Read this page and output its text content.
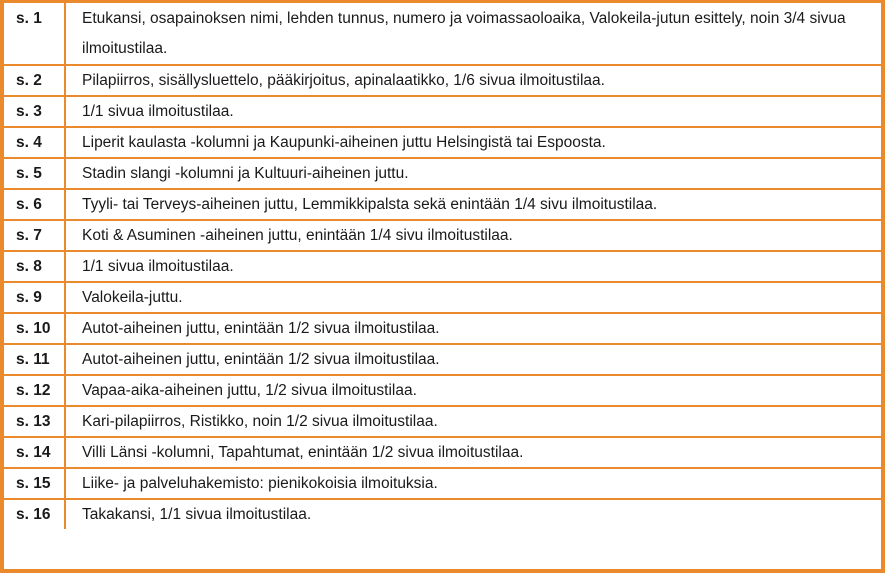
s. 1	Etukansi, osapainoksen nimi, lehden tunnus, numero ja voimassaoloaika, Valokeila-jutun esittely, noin 3/4 sivua ilmoitustilaa.
s. 2	Pilapiirros, sisällysluettelo, pääkirjoitus, apinalaatikko, 1/6 sivua ilmoitustilaa.
s. 3	1/1 sivua ilmoitustilaa.
s. 4	Liperit kaulasta -kolumni ja Kaupunki-aiheinen juttu Helsingistä tai Espoosta.
s. 5	Stadin slangi -kolumni ja Kultuuri-aiheinen juttu.
s. 6	Tyyli- tai Terveys-aiheinen juttu, Lemmikkipalsta sekä enintään 1/4 sivu ilmoitustilaa.
s. 7	Koti & Asuminen -aiheinen juttu, enintään 1/4 sivu ilmoitustilaa.
s. 8	1/1 sivua ilmoitustilaa.
s. 9	Valokeila-juttu.
s. 10	Autot-aiheinen juttu, enintään 1/2 sivua ilmoitustilaa.
s. 11	Autot-aiheinen juttu, enintään 1/2 sivua ilmoitustilaa.
s. 12	Vapaa-aika-aiheinen juttu, 1/2 sivua ilmoitustilaa.
s. 13	Kari-pilapiirros, Ristikko, noin 1/2 sivua ilmoitustilaa.
s. 14	Villi Länsi -kolumni, Tapahtumat, enintään 1/2 sivua ilmoitustilaa.
s. 15	Liike- ja palveluhakemisto: pienikokoisia ilmoituksia.
s. 16	Takakansi, 1/1 sivua ilmoitustilaa.
